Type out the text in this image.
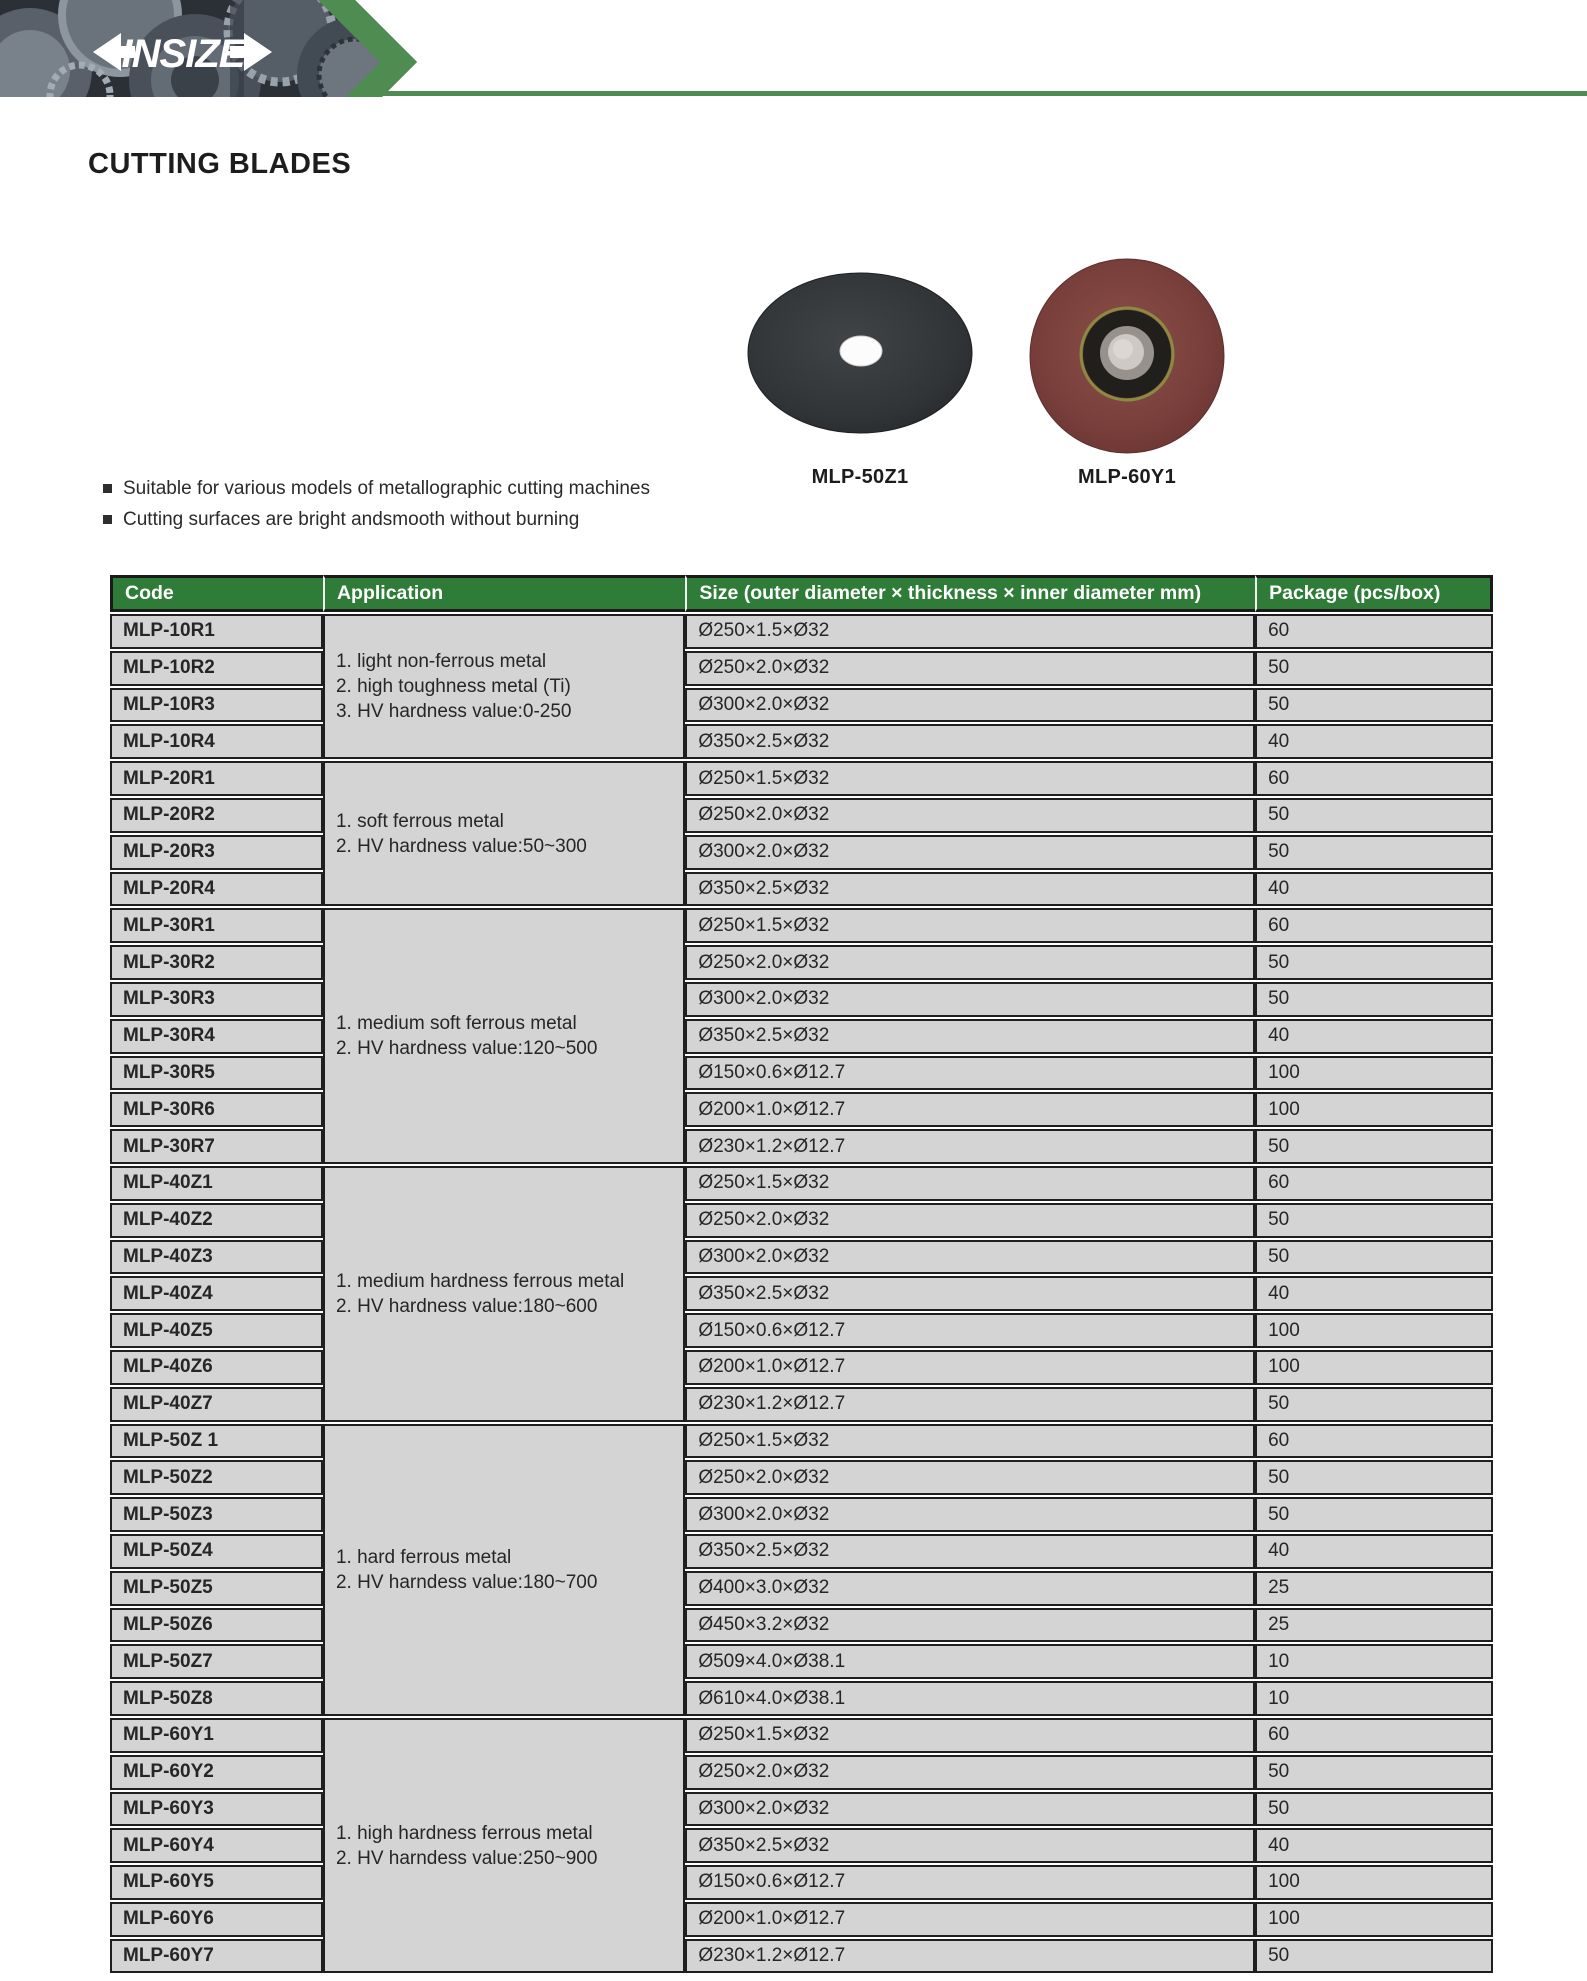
INSIZE
CUTTING BLADES
MLP-50Z1	MLP-60Y1
Suitable for various models of metallographic cutting machines
Cutting surfaces are bright andsmooth without burning
Code	Application	Size (outer diameter × thickness × inner diameter mm)	Package (pcs/box)
MLP-10R1	1. light non-ferrous metal
2. high toughness metal (Ti)
3. HV hardness value:0-250	Ø250×1.5×Ø32	60
MLP-10R2		Ø250×2.0×Ø32	50
MLP-10R3		Ø300×2.0×Ø32	50
MLP-10R4		Ø350×2.5×Ø32	40
MLP-20R1	1. soft ferrous metal
2. HV hardness value:50~300	Ø250×1.5×Ø32	60
MLP-20R2		Ø250×2.0×Ø32	50
MLP-20R3		Ø300×2.0×Ø32	50
MLP-20R4		Ø350×2.5×Ø32	40
MLP-30R1	1. medium soft ferrous metal
2. HV hardness value:120~500	Ø250×1.5×Ø32	60
MLP-30R2		Ø250×2.0×Ø32	50
MLP-30R3		Ø300×2.0×Ø32	50
MLP-30R4		Ø350×2.5×Ø32	40
MLP-30R5		Ø150×0.6×Ø12.7	100
MLP-30R6		Ø200×1.0×Ø12.7	100
MLP-30R7		Ø230×1.2×Ø12.7	50
MLP-40Z1	1. medium hardness ferrous metal
2. HV hardness value:180~600	Ø250×1.5×Ø32	60
MLP-40Z2		Ø250×2.0×Ø32	50
MLP-40Z3		Ø300×2.0×Ø32	50
MLP-40Z4		Ø350×2.5×Ø32	40
MLP-40Z5		Ø150×0.6×Ø12.7	100
MLP-40Z6		Ø200×1.0×Ø12.7	100
MLP-40Z7		Ø230×1.2×Ø12.7	50
MLP-50Z 1	1. hard ferrous metal
2. HV harndess value:180~700	Ø250×1.5×Ø32	60
MLP-50Z2		Ø250×2.0×Ø32	50
MLP-50Z3		Ø300×2.0×Ø32	50
MLP-50Z4		Ø350×2.5×Ø32	40
MLP-50Z5		Ø400×3.0×Ø32	25
MLP-50Z6		Ø450×3.2×Ø32	25
MLP-50Z7		Ø509×4.0×Ø38.1	10
MLP-50Z8		Ø610×4.0×Ø38.1	10
MLP-60Y1	1. high hardness ferrous metal
2. HV harndess value:250~900	Ø250×1.5×Ø32	60
MLP-60Y2		Ø250×2.0×Ø32	50
MLP-60Y3		Ø300×2.0×Ø32	50
MLP-60Y4		Ø350×2.5×Ø32	40
MLP-60Y5		Ø150×0.6×Ø12.7	100
MLP-60Y6		Ø200×1.0×Ø12.7	100
MLP-60Y7		Ø230×1.2×Ø12.7	50
